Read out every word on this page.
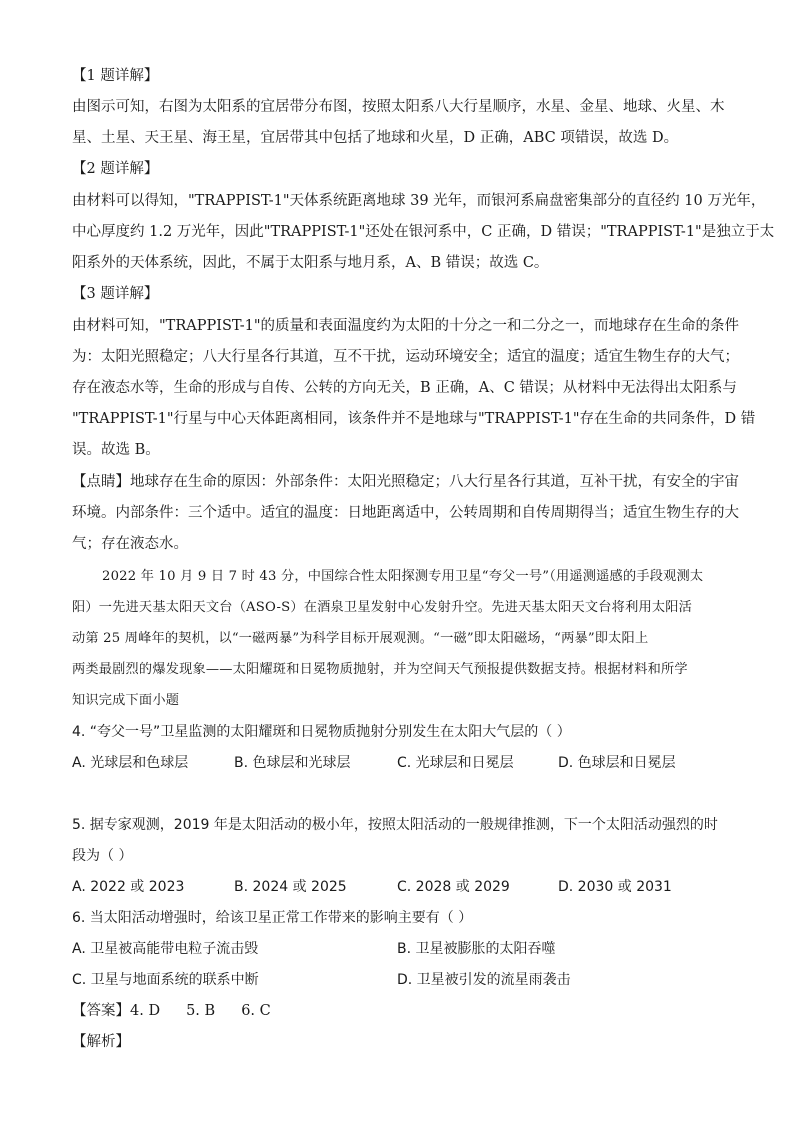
【1 题详解】
由图示可知，右图为太阳系的宜居带分布图，按照太阳系八大行星顺序，水星、金星、地球、火星、木
星、土星、天王星、海王星，宜居带其中包括了地球和火星，D 正确，ABC 项错误，故选 D。
【2 题详解】
由材料可以得知，"TRAPPIST-1"天体系统距离地球 39 光年，而银河系扁盘密集部分的直径约 10 万光年，
中心厚度约 1.2 万光年，因此"TRAPPIST-1"还处在银河系中，C 正确，D 错误；"TRAPPIST-1"是独立于太
阳系外的天体系统，因此，不属于太阳系与地月系，A、B 错误；故选 C。
【3 题详解】
由材料可知，"TRAPPIST-1"的质量和表面温度约为太阳的十分之一和二分之一，而地球存在生命的条件
为：太阳光照稳定；八大行星各行其道，互不干扰，运动环境安全；适宜的温度；适宜生物生存的大气；
存在液态水等，生命的形成与自传、公转的方向无关，B 正确，A、C 错误；从材料中无法得出太阳系与
"TRAPPIST-1"行星与中心天体距离相同，该条件并不是地球与"TRAPPIST-1"存在生命的共同条件，D 错
误。故选 B。
【点睛】地球存在生命的原因：外部条件：太阳光照稳定；八大行星各行其道，互补干扰，有安全的宇宙
环境。内部条件：三个适中。适宜的温度：日地距离适中，公转周期和自传周期得当；适宜生物生存的大
气；存在液态水。
2022 年 10 月 9 日 7 时 43 分，中国综合性太阳探测专用卫星“夸父一号”（用遥测遥感的手段观测太
阳）一先进天基太阳天文台（ASO-S）在酒泉卫星发射中心发射升空。先进天基太阳天文台将利用太阳活
动第 25 周峰年的契机，以“一磁两暴”为科学目标开展观测。“一磁”即太阳磁场，“两暴”即太阳上
两类最剧烈的爆发现象——太阳耀斑和日冕物质抛射，并为空间天气预报提供数据支持。根据材料和所学
知识完成下面小题
4. “夸父一号”卫星监测的太阳耀斑和日冕物质抛射分别发生在太阳大气层的（ ）
A. 光球层和色球层	B. 色球层和光球层	C. 光球层和日冕层	D. 色球层和日冕层
5. 据专家观测，2019 年是太阳活动的极小年，按照太阳活动的一般规律推测，下一个太阳活动强烈的时
段为（ ）
A. 2022 或 2023	B. 2024 或 2025	C. 2028 或 2029	D. 2030 或 2031
6. 当太阳活动增强时，给该卫星正常工作带来的影响主要有（ ）
A. 卫星被高能带电粒子流击毁	B. 卫星被膨胀的太阳吞噬
C. 卫星与地面系统的联系中断	D. 卫星被引发的流星雨袭击
【答案】4. D 5. B 6. C
【解析】
